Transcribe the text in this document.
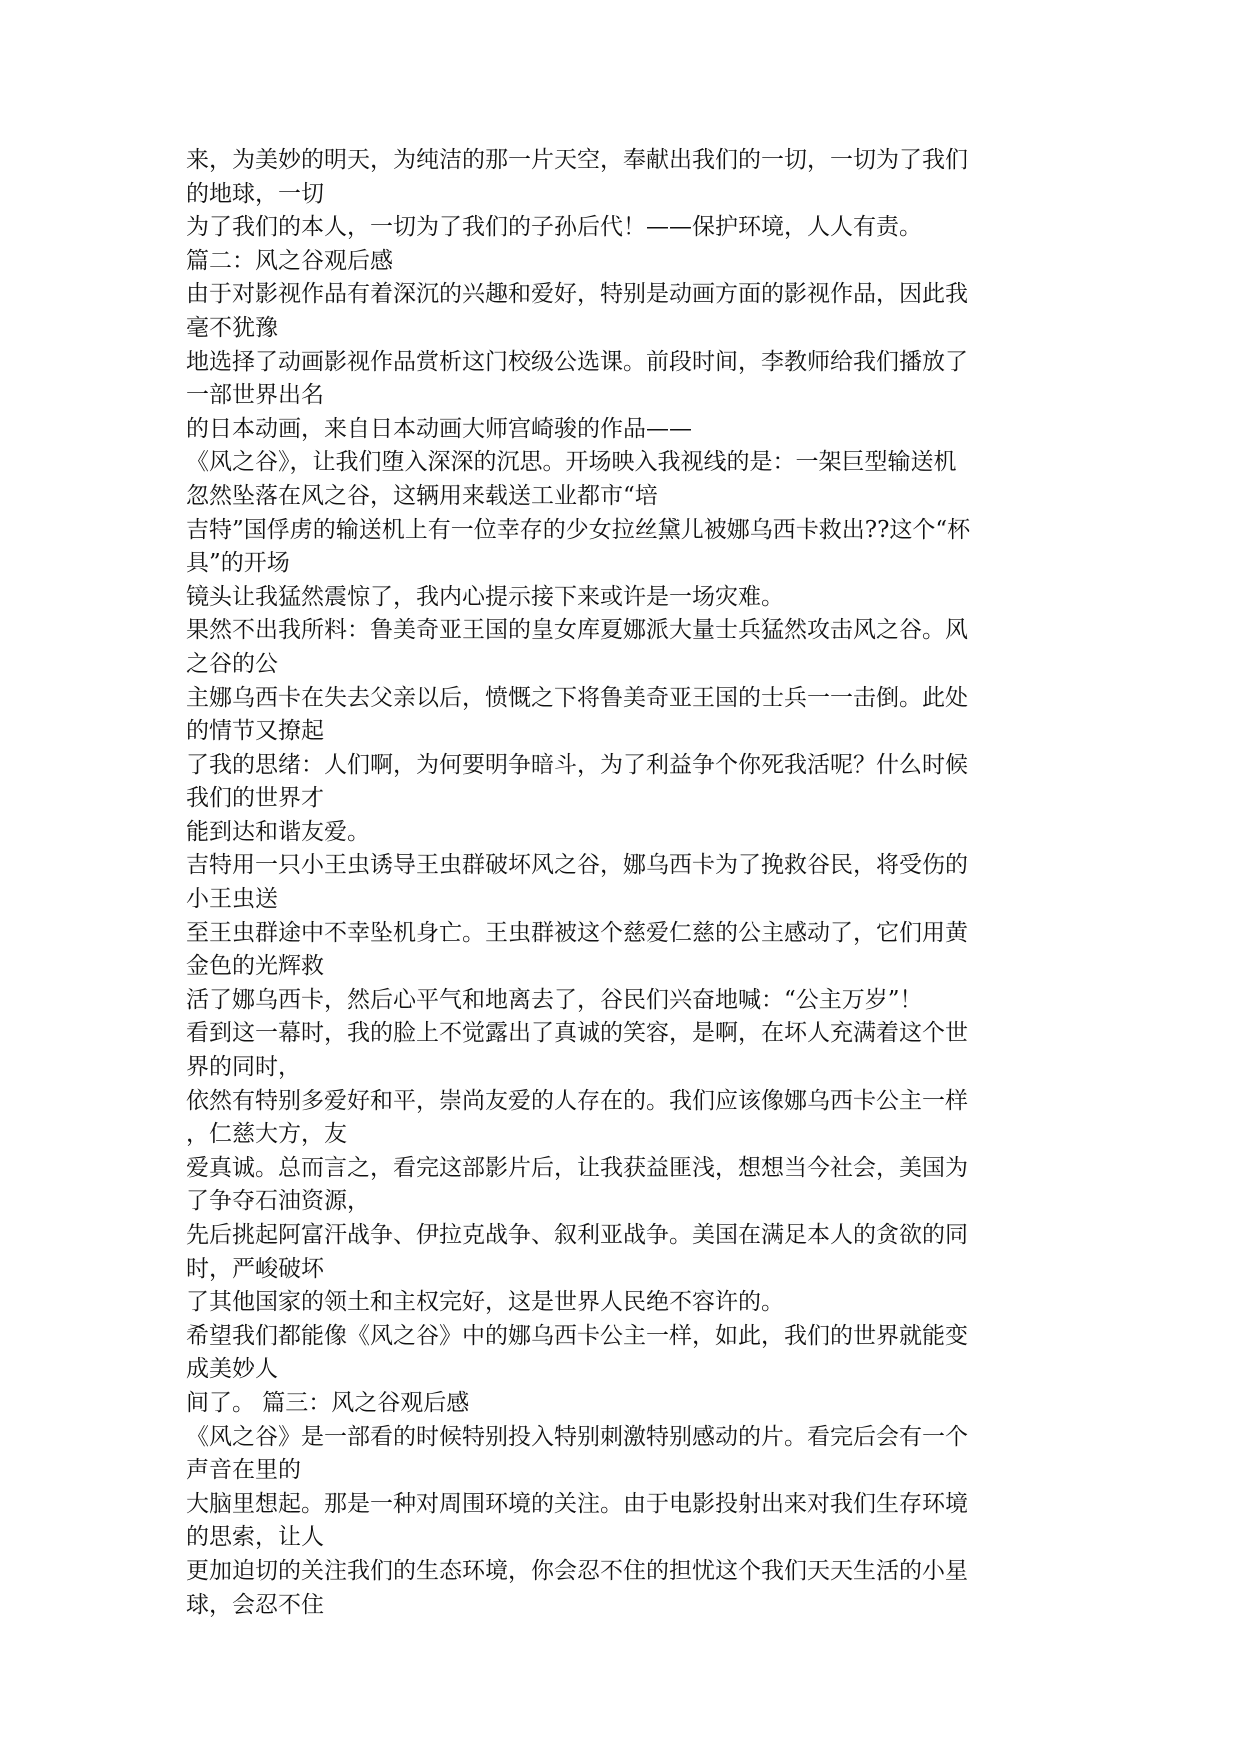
来，为美妙的明天，为纯洁的那一片天空，奉献出我们的一切，一切为了我们
的地球，一切
为了我们的本人，一切为了我们的子孙后代！——保护环境，人人有责。
篇二：风之谷观后感
由于对影视作品有着深沉的兴趣和爱好，特别是动画方面的影视作品，因此我
毫不犹豫
地选择了动画影视作品赏析这门校级公选课。前段时间，李教师给我们播放了
一部世界出名
的日本动画，来自日本动画大师宫崎骏的作品——
《风之谷》，让我们堕入深深的沉思。开场映入我视线的是：一架巨型输送机
忽然坠落在风之谷，这辆用来载送工业都市“培
吉特”国俘虏的输送机上有一位幸存的少女拉丝黛儿被娜乌西卡救出??这个“杯
具”的开场
镜头让我猛然震惊了，我内心提示接下来或许是一场灾难。
果然不出我所料：鲁美奇亚王国的皇女库夏娜派大量士兵猛然攻击风之谷。风
之谷的公
主娜乌西卡在失去父亲以后，愤慨之下将鲁美奇亚王国的士兵一一击倒。此处
的情节又撩起
了我的思绪：人们啊，为何要明争暗斗，为了利益争个你死我活呢？什么时候
我们的世界才
能到达和谐友爱。
吉特用一只小王虫诱导王虫群破坏风之谷，娜乌西卡为了挽救谷民，将受伤的
小王虫送
至王虫群途中不幸坠机身亡。王虫群被这个慈爱仁慈的公主感动了，它们用黄
金色的光辉救
活了娜乌西卡，然后心平气和地离去了，谷民们兴奋地喊：“公主万岁”！
看到这一幕时，我的脸上不觉露出了真诚的笑容，是啊，在坏人充满着这个世
界的同时，
依然有特别多爱好和平，崇尚友爱的人存在的。我们应该像娜乌西卡公主一样
，仁慈大方，友
爱真诚。总而言之，看完这部影片后，让我获益匪浅，想想当今社会，美国为
了争夺石油资源，
先后挑起阿富汗战争、伊拉克战争、叙利亚战争。美国在满足本人的贪欲的同
时，严峻破坏
了其他国家的领土和主权完好，这是世界人民绝不容许的。
希望我们都能像《风之谷》中的娜乌西卡公主一样，如此，我们的世界就能变
成美妙人
间了。 篇三：风之谷观后感
《风之谷》是一部看的时候特别投入特别刺激特别感动的片。看完后会有一个
声音在里的
大脑里想起。那是一种对周围环境的关注。由于电影投射出来对我们生存环境
的思索，让人
更加迫切的关注我们的生态环境，你会忍不住的担忧这个我们天天生活的小星
球，会忍不住
